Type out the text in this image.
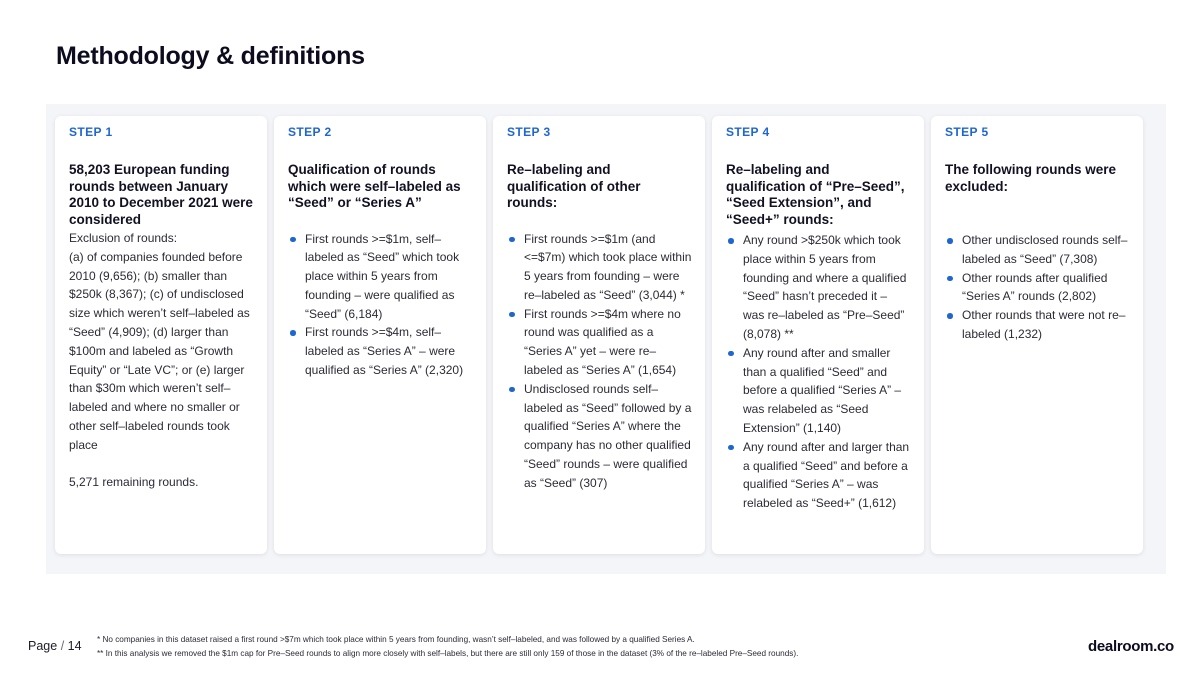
Methodology & definitions
STEP 1
58,203 European funding rounds between January 2010 to December 2021 were considered
Exclusion of rounds:
(a) of companies founded before 2010 (9,656); (b) smaller than $250k (8,367); (c) of undisclosed size which weren’t self–labeled as “Seed” (4,909); (d) larger than $100m and labeled as “Growth Equity” or “Late VC”; or (e) larger than $30m which weren’t self–labeled and where no smaller or other self–labeled rounds took place
5,271 remaining rounds.
STEP 2
Qualification of rounds which were self–labeled as “Seed” or “Series A”
First rounds >=$1m, self–labeled as “Seed” which took place within 5 years from founding – were qualified as “Seed” (6,184)
First rounds >=$4m, self–labeled as “Series A” – were qualified as “Series A” (2,320)
STEP 3
Re–labeling and qualification of other rounds:
First rounds >=$1m (and <=$7m) which took place within 5 years from founding – were re–labeled as “Seed” (3,044) *
First rounds >=$4m where no round was qualified as a “Series A” yet – were re–labeled as “Series A” (1,654)
Undisclosed rounds self–labeled as “Seed” followed by a qualified “Series A” where the company has no other qualified “Seed” rounds – were qualified as “Seed” (307)
STEP 4
Re–labeling and qualification of “Pre–Seed”, “Seed Extension”, and “Seed+” rounds:
Any round >$250k which took place within 5 years from founding and where a qualified “Seed” hasn’t preceded it – was re–labeled as “Pre–Seed” (8,078) **
Any round after and smaller than a qualified “Seed” and before a qualified “Series A” – was relabeled as “Seed Extension” (1,140)
Any round after and larger than a qualified “Seed” and before a qualified “Series A” – was relabeled as “Seed+” (1,612)
STEP 5
The following rounds were excluded:
Other undisclosed rounds self–labeled as “Seed” (7,308)
Other rounds after qualified “Series A” rounds (2,802)
Other rounds that were not re–labeled (1,232)
Page / 14 * No companies in this dataset raised a first round >$7m which took place within 5 years from founding, wasn’t self–labeled, and was followed by a qualified Series A.
** In this analysis we removed the $1m cap for Pre–Seed rounds to align more closely with self–labels, but there are still only 159 of those in the dataset (3% of the re–labeled Pre–Seed rounds).	dealroom.co
